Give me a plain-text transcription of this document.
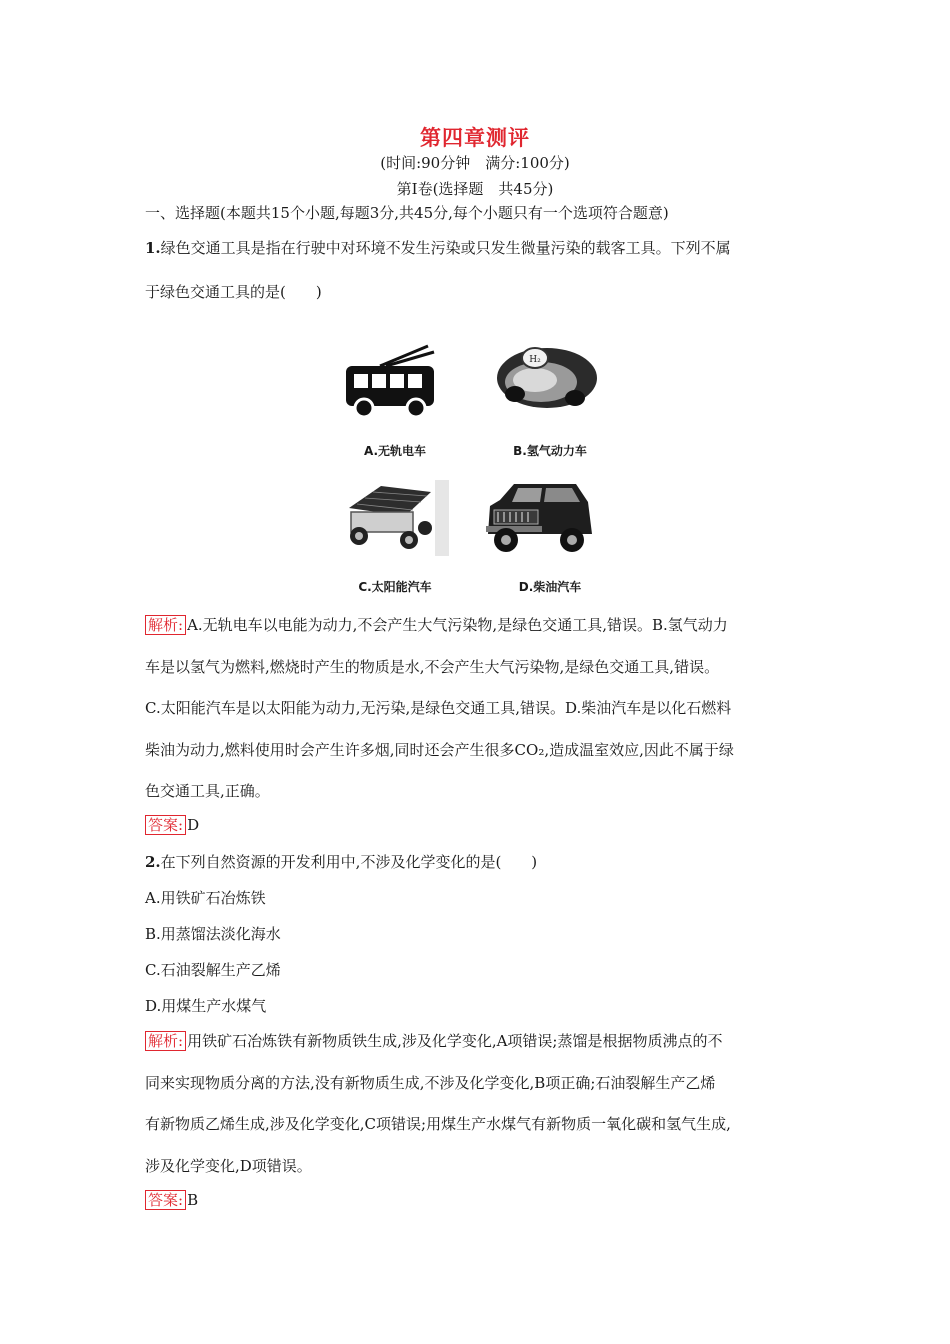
第四章测评
(时间:90分钟　满分:100分)
第Ⅰ卷(选择题　共45分)
一、选择题(本题共15个小题,每题3分,共45分,每个小题只有一个选项符合题意)
1.绿色交通工具是指在行驶中对环境不发生污染或只发生微量污染的载客工具。下列不属
于绿色交通工具的是(　　)
A.无轨电车
H₂
B.氢气动力车
C.太阳能汽车	D.柴油汽车
解析: A.无轨电车以电能为动力,不会产生大气污染物,是绿色交通工具,错误。B.氢气动力
车是以氢气为燃料,燃烧时产生的物质是水,不会产生大气污染物,是绿色交通工具,错误。
C.太阳能汽车是以太阳能为动力,无污染,是绿色交通工具,错误。D.柴油汽车是以化石燃料
柴油为动力,燃料使用时会产生许多烟,同时还会产生很多CO₂,造成温室效应,因此不属于绿
色交通工具,正确。
答案: D
2.在下列自然资源的开发利用中,不涉及化学变化的是(　　)
A.用铁矿石冶炼铁
B.用蒸馏法淡化海水
C.石油裂解生产乙烯
D.用煤生产水煤气
解析: 用铁矿石冶炼铁有新物质铁生成,涉及化学变化,A项错误;蒸馏是根据物质沸点的不
同来实现物质分离的方法,没有新物质生成,不涉及化学变化,B项正确;石油裂解生产乙烯
有新物质乙烯生成,涉及化学变化,C项错误;用煤生产水煤气有新物质一氧化碳和氢气生成,
涉及化学变化,D项错误。
答案: B
